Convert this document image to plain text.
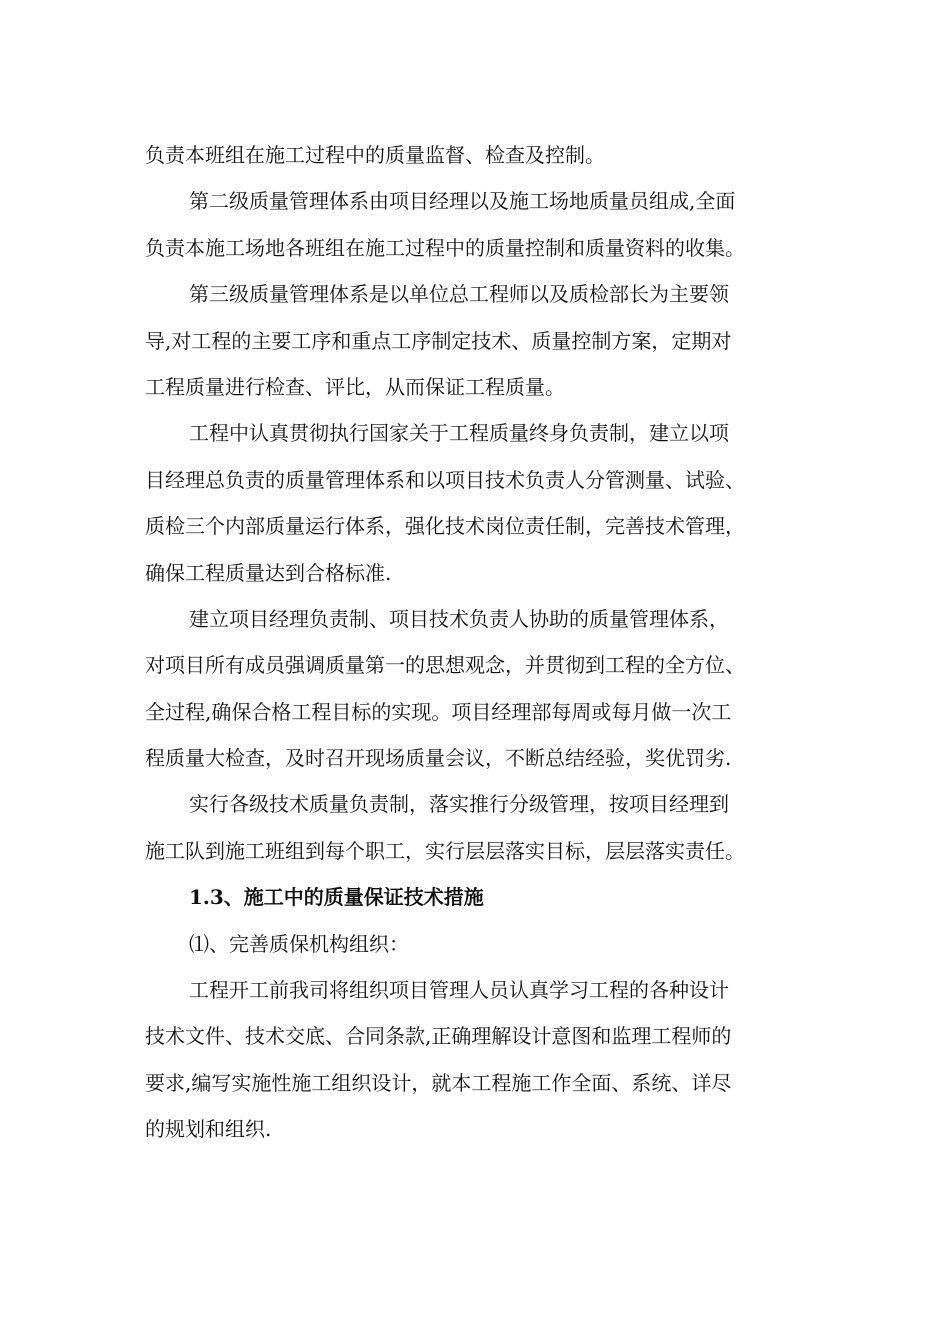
负责本班组在施工过程中的质量监督、检查及控制。
第二级质量管理体系由项目经理以及施工场地质量员组成,全面
负责本施工场地各班组在施工过程中的质量控制和质量资料的收集。
第三级质量管理体系是以单位总工程师以及质检部长为主要领
导,对工程的主要工序和重点工序制定技术、质量控制方案，定期对
工程质量进行检查、评比，从而保证工程质量。
工程中认真贯彻执行国家关于工程质量终身负责制，建立以项
目经理总负责的质量管理体系和以项目技术负责人分管测量、试验、
质检三个内部质量运行体系，强化技术岗位责任制，完善技术管理，
确保工程质量达到合格标准.
建立项目经理负责制、项目技术负责人协助的质量管理体系，
对项目所有成员强调质量第一的思想观念，并贯彻到工程的全方位、
全过程,确保合格工程目标的实现。项目经理部每周或每月做一次工
程质量大检查，及时召开现场质量会议，不断总结经验，奖优罚劣.
实行各级技术质量负责制，落实推行分级管理，按项目经理到
施工队到施工班组到每个职工，实行层层落实目标，层层落实责任。
1.3、施工中的质量保证技术措施
⑴、完善质保机构组织：
工程开工前我司将组织项目管理人员认真学习工程的各种设计
技术文件、技术交底、合同条款,正确理解设计意图和监理工程师的
要求,编写实施性施工组织设计，就本工程施工作全面、系统、详尽
的规划和组织.
